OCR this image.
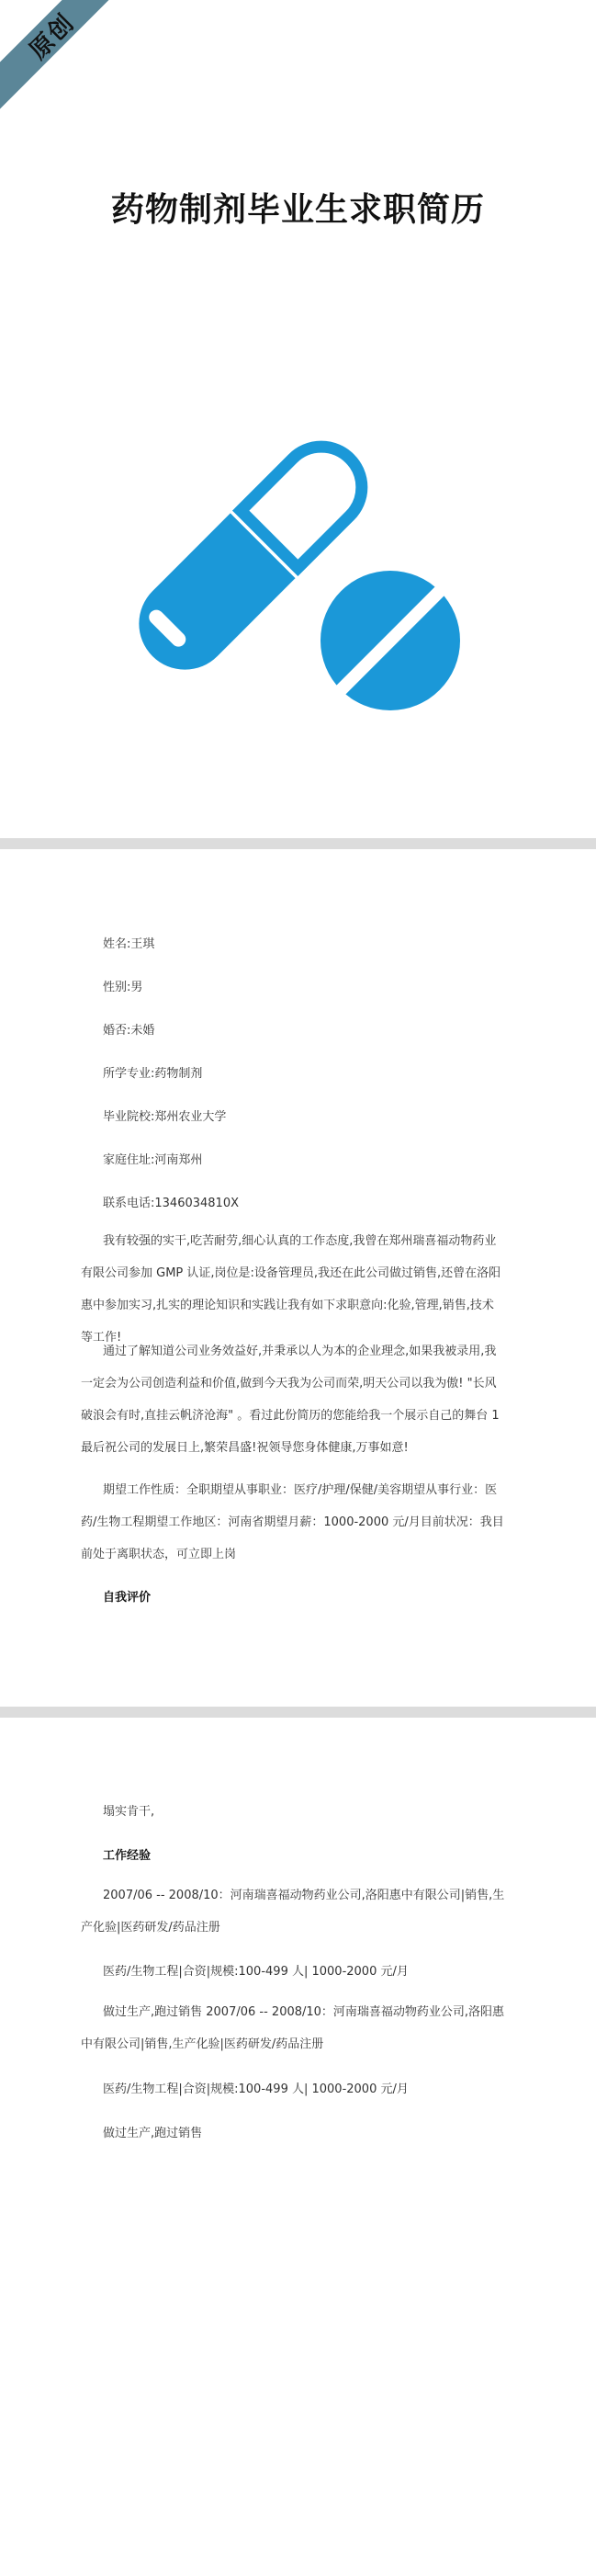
原创
药物制剂毕业生求职简历
姓名:王琪
性别:男
婚否:未婚
所学专业:药物制剂
毕业院校:郑州农业大学
家庭住址:河南郑州
联系电话:1346034810X
我有较强的实干,吃苦耐劳,细心认真的工作态度,我曾在郑州瑞喜福动物药业有限公司参加 GMP 认证,岗位是:设备管理员,我还在此公司做过销售,还曾在洛阳惠中参加实习,扎实的理论知识和实践让我有如下求职意向:化验,管理,销售,技术等工作!
通过了解知道公司业务效益好,并秉承以人为本的企业理念,如果我被录用,我一定会为公司创造利益和价值,做到今天我为公司而荣,明天公司以我为傲! "长风破浪会有时,直挂云帆济沧海" 。看过此份简历的您能给我一个展示自己的舞台 1 最后祝公司的发展日上,繁荣昌盛!祝领导您身体健康,万事如意!
期望工作性质：全职期望从事职业：医疗/护理/保健/美容期望从事行业：医药/生物工程期望工作地区：河南省期望月薪：1000-2000 元/月目前状况：我目前处于离职状态，可立即上岗
自我评价
塌实肯干,
工作经验
2007/06 -- 2008/10：河南瑞喜福动物药业公司,洛阳惠中有限公司|销售,生产化验|医药研发/药品注册
医药/生物工程|合资|规模:100-499 人| 1000-2000 元/月
做过生产,跑过销售 2007/06 -- 2008/10：河南瑞喜福动物药业公司,洛阳惠中有限公司|销售,生产化验|医药研发/药品注册
医药/生物工程|合资|规模:100-499 人| 1000-2000 元/月
做过生产,跑过销售
